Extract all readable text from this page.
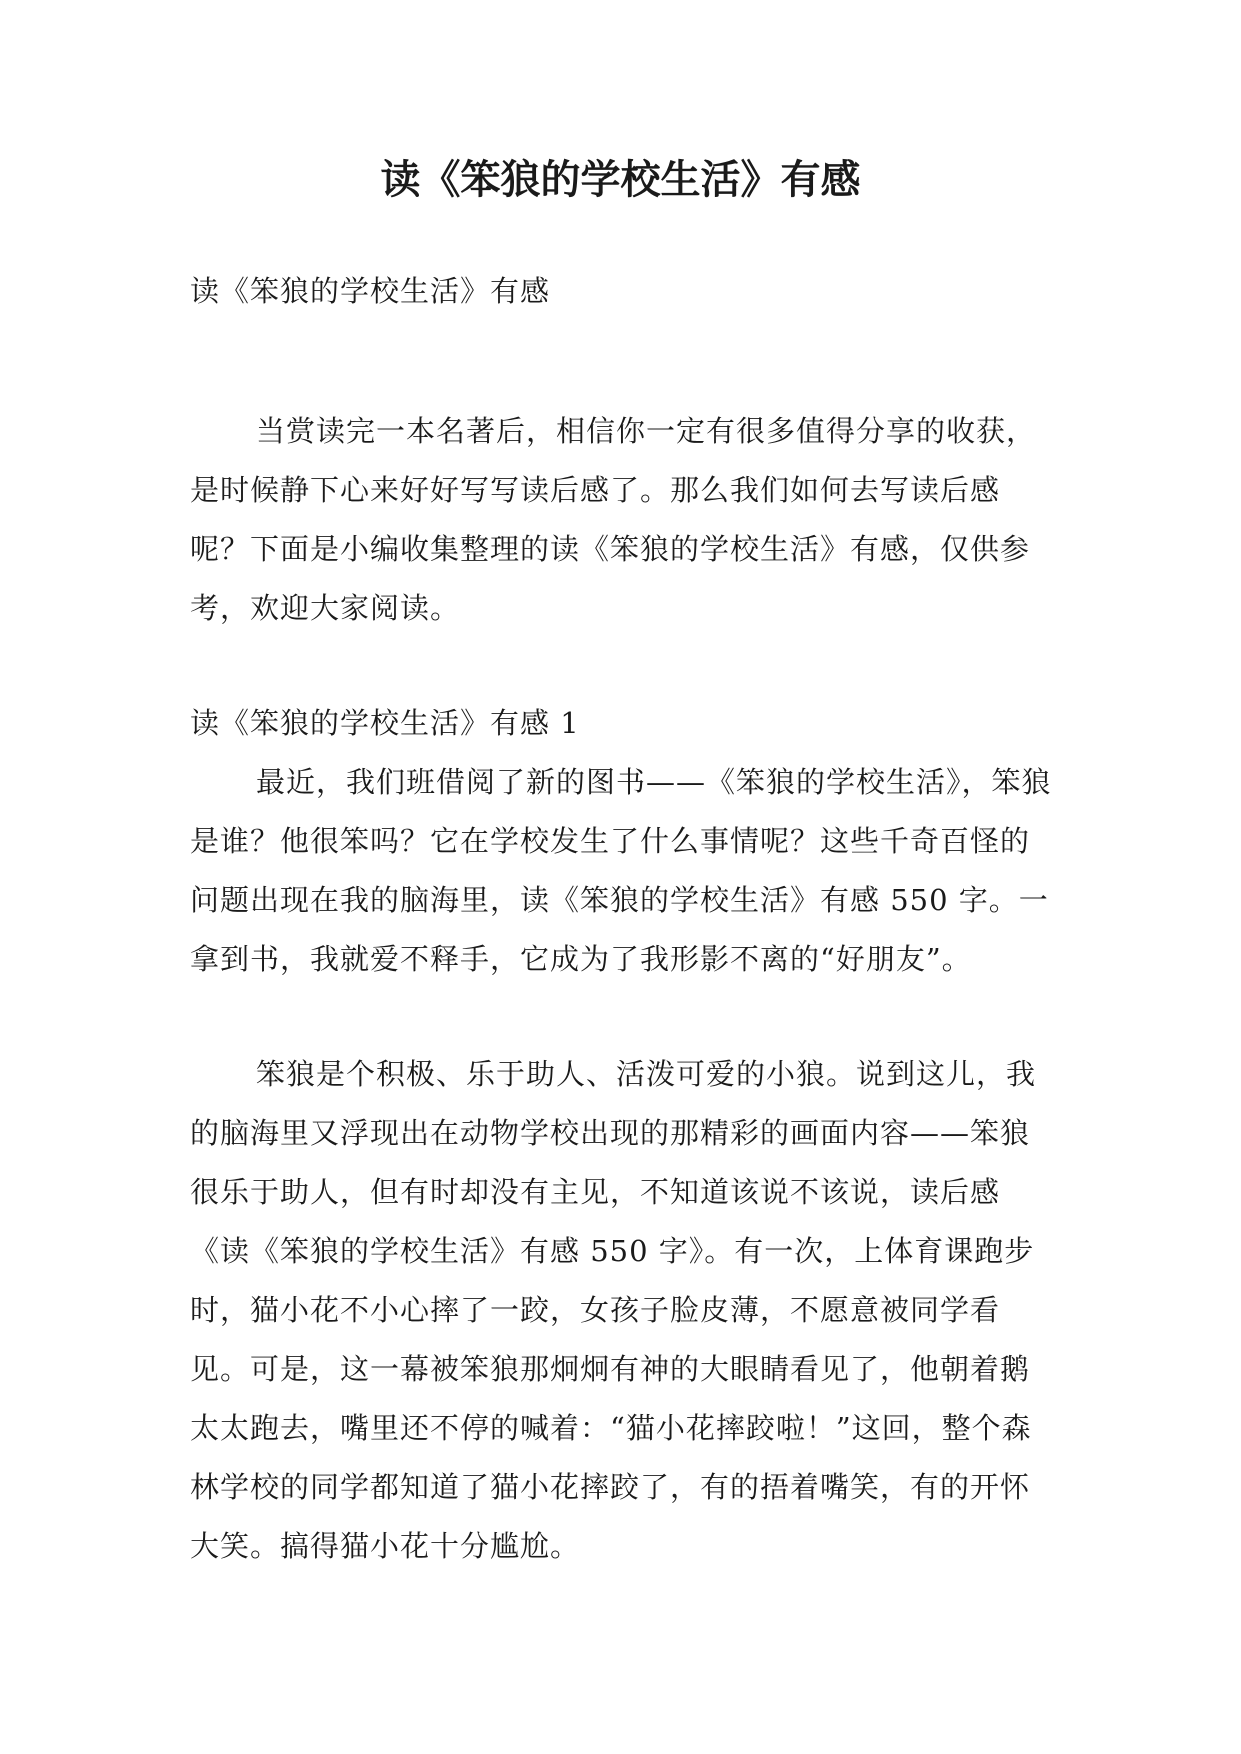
读《笨狼的学校生活》有感

读《笨狼的学校生活》有感

当赏读完一本名著后，相信你一定有很多值得分享的收获，是时候静下心来好好写写读后感了。那么我们如何去写读后感呢？下面是小编收集整理的读《笨狼的学校生活》有感，仅供参考，欢迎大家阅读。

读《笨狼的学校生活》有感 1

最近，我们班借阅了新的图书——《笨狼的学校生活》，笨狼是谁？他很笨吗？它在学校发生了什么事情呢？这些千奇百怪的问题出现在我的脑海里，读《笨狼的学校生活》有感 550 字。一拿到书，我就爱不释手，它成为了我形影不离的“好朋友”。

笨狼是个积极、乐于助人、活泼可爱的小狼。说到这儿，我的脑海里又浮现出在动物学校出现的那精彩的画面内容——笨狼很乐于助人，但有时却没有主见，不知道该说不该说，读后感《读《笨狼的学校生活》有感 550 字》。有一次，上体育课跑步时，猫小花不小心摔了一跤，女孩子脸皮薄，不愿意被同学看见。可是，这一幕被笨狼那炯炯有神的大眼睛看见了，他朝着鹅太太跑去，嘴里还不停的喊着：“猫小花摔跤啦！”这回，整个森林学校的同学都知道了猫小花摔跤了，有的捂着嘴笑，有的开怀大笑。搞得猫小花十分尴尬。
